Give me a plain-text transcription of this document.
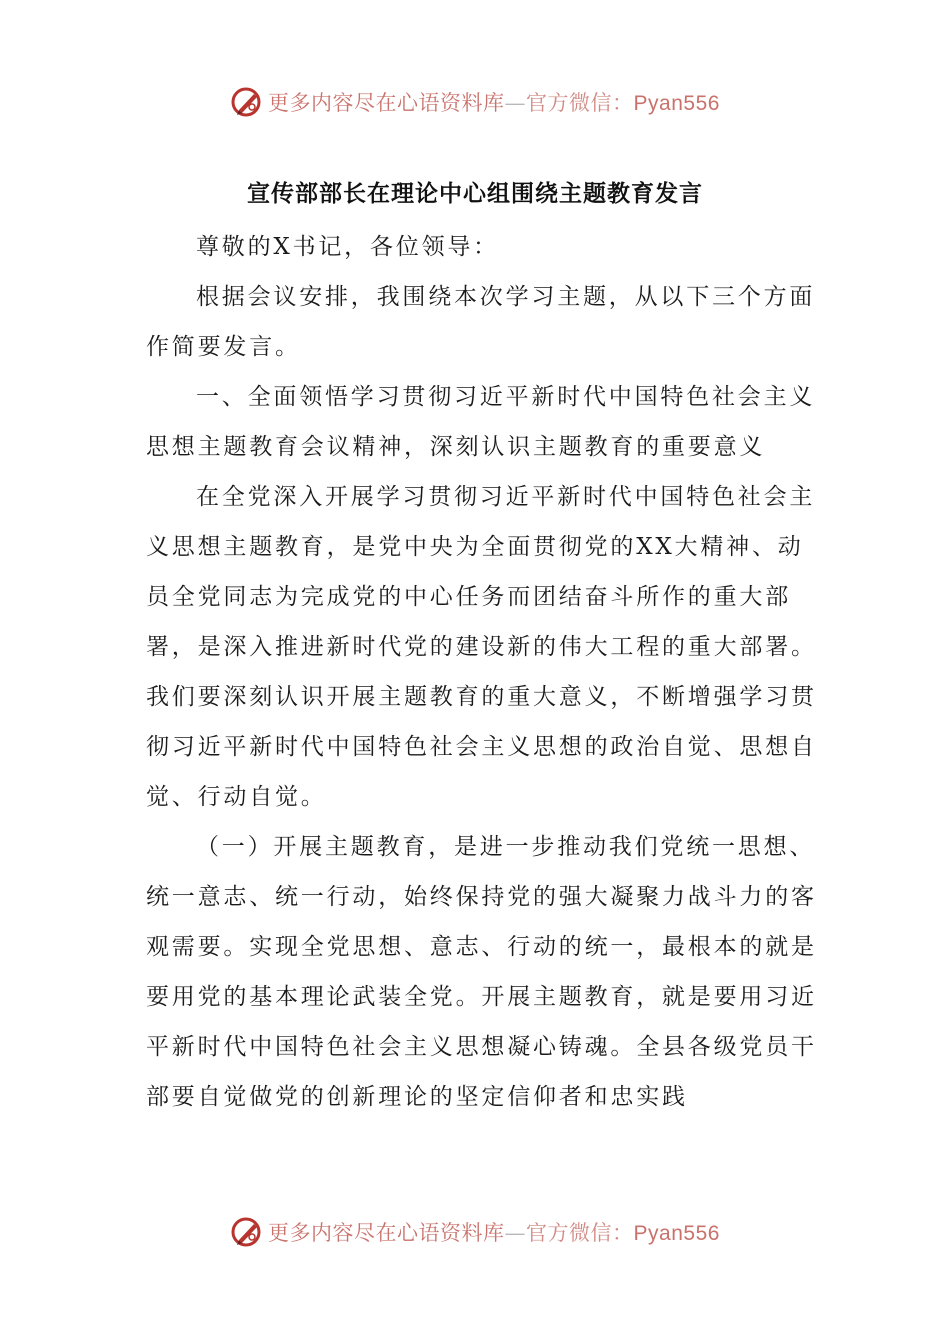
更多内容尽在心语资料库—官方微信：Pyan556
宣传部部长在理论中心组围绕主题教育发言

尊敬的X书记，各位领导：

根据会议安排，我围绕本次学习主题，从以下三个方面作简要发言。

一、全面领悟学习贯彻习近平新时代中国特色社会主义思想主题教育会议精神，深刻认识主题教育的重要意义

在全党深入开展学习贯彻习近平新时代中国特色社会主义思想主题教育，是党中央为全面贯彻党的XX大精神、动员全党同志为完成党的中心任务而团结奋斗所作的重大部署，是深入推进新时代党的建设新的伟大工程的重大部署。我们要深刻认识开展主题教育的重大意义，不断增强学习贯彻习近平新时代中国特色社会主义思想的政治自觉、思想自觉、行动自觉。

（一）开展主题教育，是进一步推动我们党统一思想、统一意志、统一行动，始终保持党的强大凝聚力战斗力的客观需要。实现全党思想、意志、行动的统一，最根本的就是要用党的基本理论武装全党。开展主题教育，就是要用习近平新时代中国特色社会主义思想凝心铸魂。全县各级党员干部要自觉做党的创新理论的坚定信仰者和忠实践

更多内容尽在心语资料库—官方微信：Pyan556
